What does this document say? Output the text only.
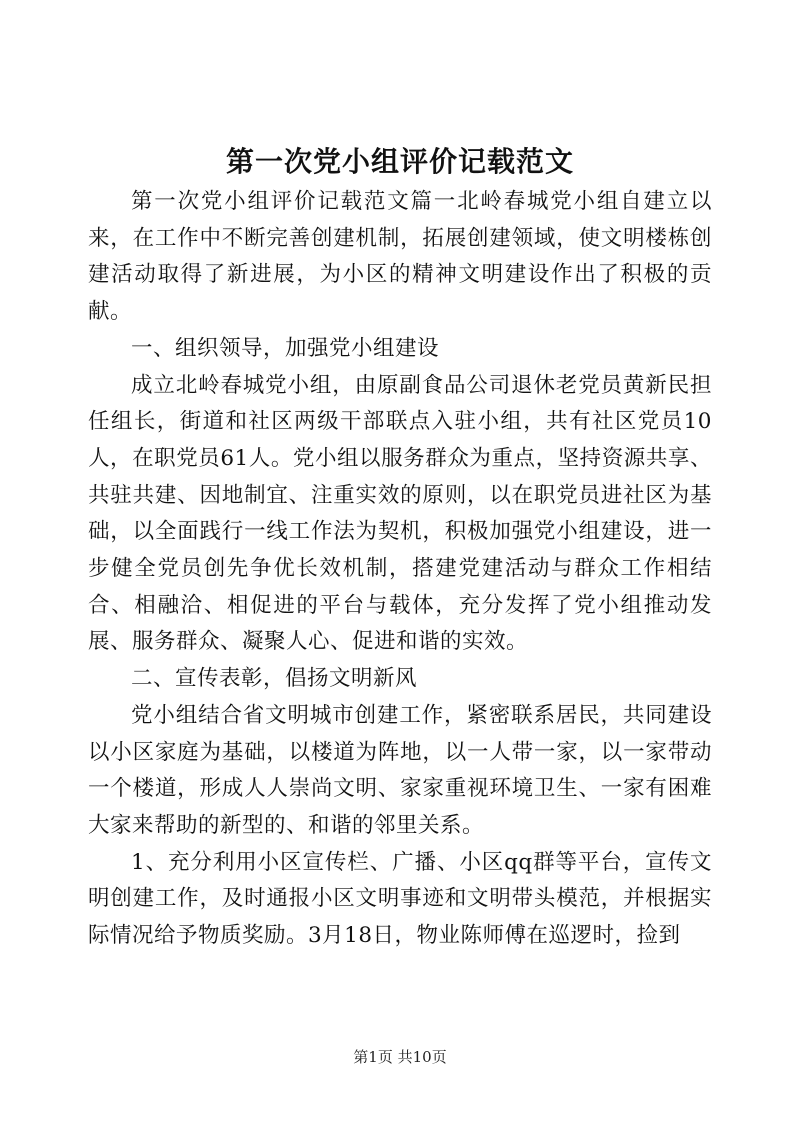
第一次党小组评价记载范文

第一次党小组评价记载范文篇一北岭春城党小组自建立以来，在工作中不断完善创建机制，拓展创建领域，使文明楼栋创建活动取得了新进展，为小区的精神文明建设作出了积极的贡献。

一、组织领导，加强党小组建设

成立北岭春城党小组，由原副食品公司退休老党员黄新民担任组长，街道和社区两级干部联点入驻小组，共有社区党员10人，在职党员61人。党小组以服务群众为重点，坚持资源共享、共驻共建、因地制宜、注重实效的原则，以在职党员进社区为基础，以全面践行一线工作法为契机，积极加强党小组建设，进一步健全党员创先争优长效机制，搭建党建活动与群众工作相结合、相融洽、相促进的平台与载体，充分发挥了党小组推动发展、服务群众、凝聚人心、促进和谐的实效。

二、宣传表彰，倡扬文明新风

党小组结合省文明城市创建工作，紧密联系居民，共同建设以小区家庭为基础，以楼道为阵地，以一人带一家，以一家带动一个楼道，形成人人崇尚文明、家家重视环境卫生、一家有困难大家来帮助的新型的、和谐的邻里关系。

1、充分利用小区宣传栏、广播、小区qq群等平台，宣传文明创建工作，及时通报小区文明事迹和文明带头模范，并根据实际情况给予物质奖励。3月18日，物业陈师傅在巡逻时，捡到

第1页 共10页
